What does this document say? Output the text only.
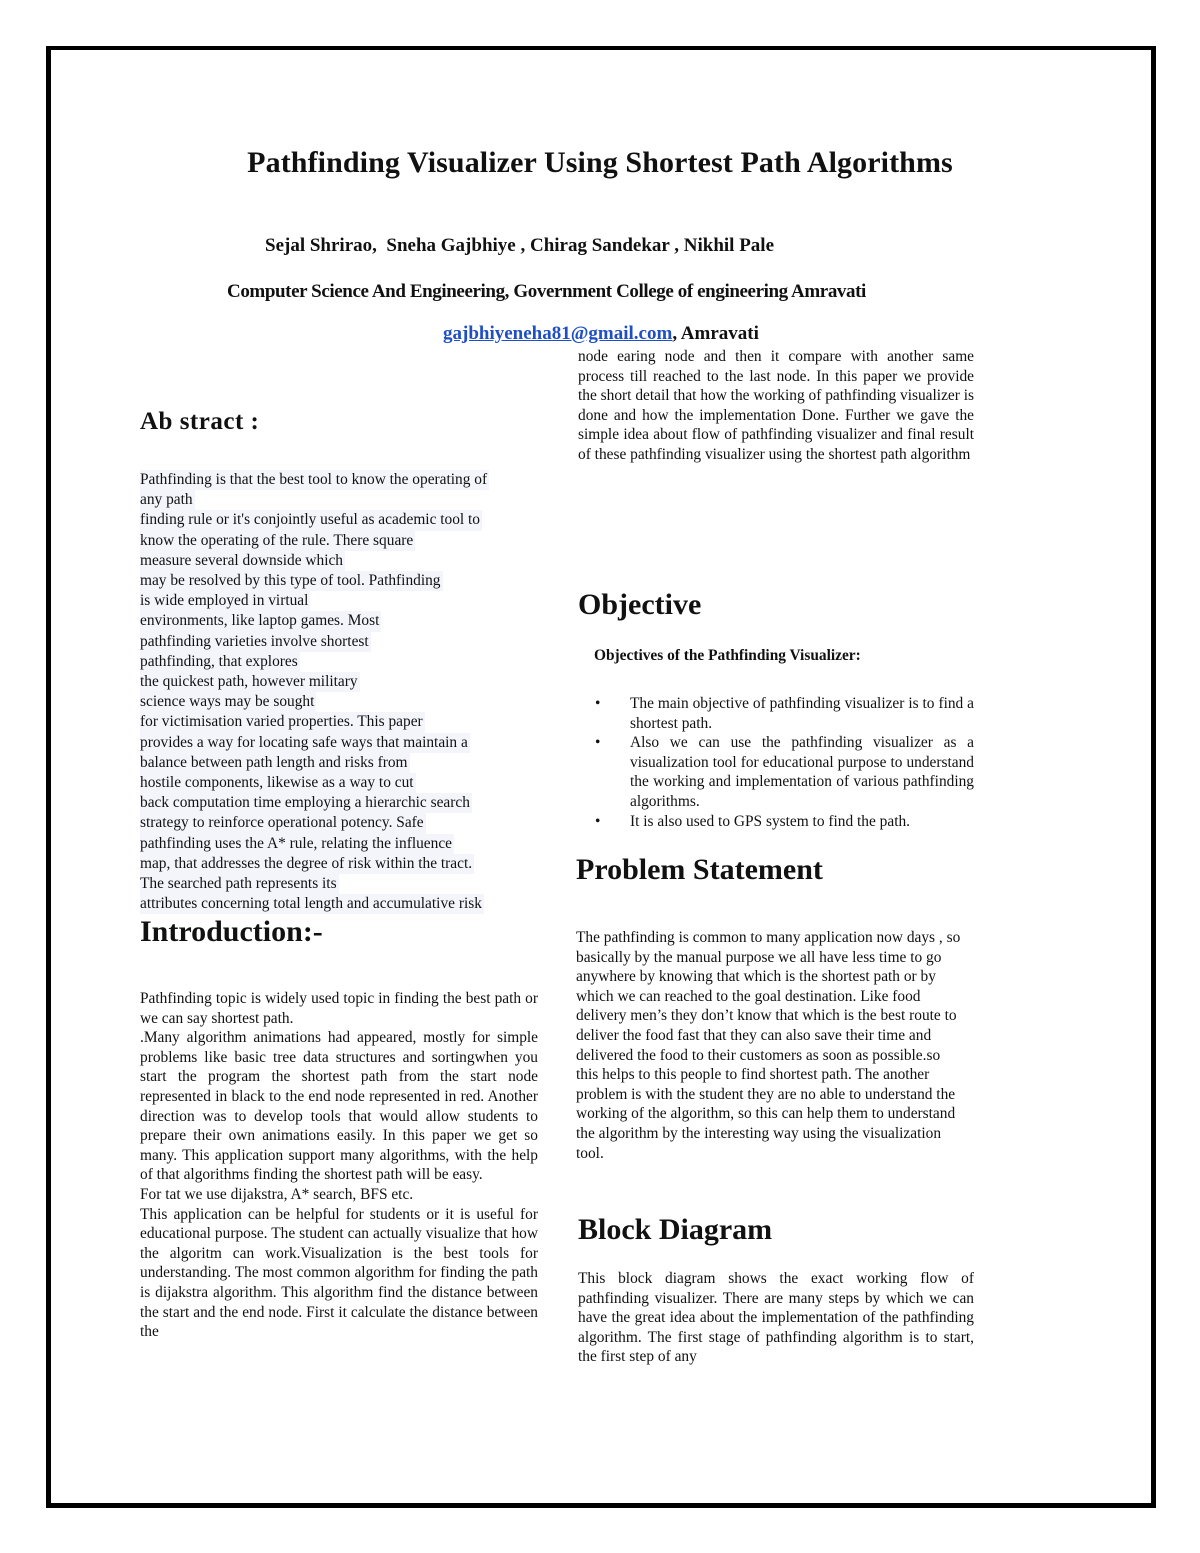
Pathfinding Visualizer Using Shortest Path Algorithms

Sejal Shrirao,  Sneha Gajbhiye , Chirag Sandekar , Nikhil Pale

Computer Science And Engineering, Government College of engineering Amravati

gajbhiyeneha81@gmail.com, Amravati

Ab stract :
Pathfinding is that the best tool to know the operating of
any path
finding rule or it's conjointly useful as academic tool to
know the operating of the rule. There square
measure several downside which
may be resolved by this type of tool. Pathfinding
is wide employed in virtual
environments, like laptop games. Most
pathfinding varieties involve shortest
pathfinding, that explores
the quickest path, however military
science ways may be sought
for victimisation varied properties. This paper
provides a way for locating safe ways that maintain a
balance between path length and risks from
hostile components, likewise as a way to cut
back computation time employing a hierarchic search
strategy to reinforce operational potency. Safe
pathfinding uses the A* rule, relating the influence
map, that addresses the degree of risk within the tract.
The searched path represents its
attributes concerning total length and accumulative risk
Introduction:-

Pathfinding topic is widely used topic in finding the best path or we can say shortest path.

.Many algorithm animations had appeared, mostly for simple problems like basic tree data structures and sortingwhen you start the program the shortest path from the start node represented in black to the end node represented in red. Another direction was to develop tools that would allow students to prepare their own animations easily. In this paper we get so many. This application support many algorithms, with the help of that algorithms finding the shortest path will be easy.

For tat we use dijakstra, A* search, BFS etc.

This application can be helpful for students or it is useful for educational purpose. The student can actually visualize that how the algoritm can work.Visualization is the best tools for understanding. The most common algorithm for finding the path is dijakstra algorithm. This algorithm find the distance between the start and the end node. First it calculate the distance between the

node earing node and then it compare with another same process till reached to the last node. In this paper we provide the short detail that how the working of pathfinding visualizer is done and how the implementation Done. Further we gave the simple idea about flow of pathfinding visualizer and final result of these pathfinding visualizer using the shortest path algorithm

Objective

Objectives of the Pathfinding Visualizer:

• The main objective of pathfinding visualizer is to find a shortest path.
• Also we can use the pathfinding visualizer as a visualization tool for educational purpose to understand the working and implementation of various pathfinding algorithms.
• It is also used to GPS system to find the path.
Problem Statement

The pathfinding is common to many application now days , so basically by the manual purpose we all have less time to go anywhere by knowing that which is the shortest path or by which we can reached to the goal destination. Like food delivery men’s they don’t know that which is the best route to deliver the food fast that they can also save their time and delivered the food to their customers as soon as possible.so this helps to this people to find shortest path. The another problem is with the student they are no able to understand the working of the algorithm, so this can help them to understand the algorithm by the interesting way using the visualization tool.

Block Diagram

This block diagram shows the exact working flow of pathfinding visualizer. There are many steps by which we can have the great idea about the implementation of the pathfinding algorithm. The first stage of pathfinding algorithm is to start, the first step of any
